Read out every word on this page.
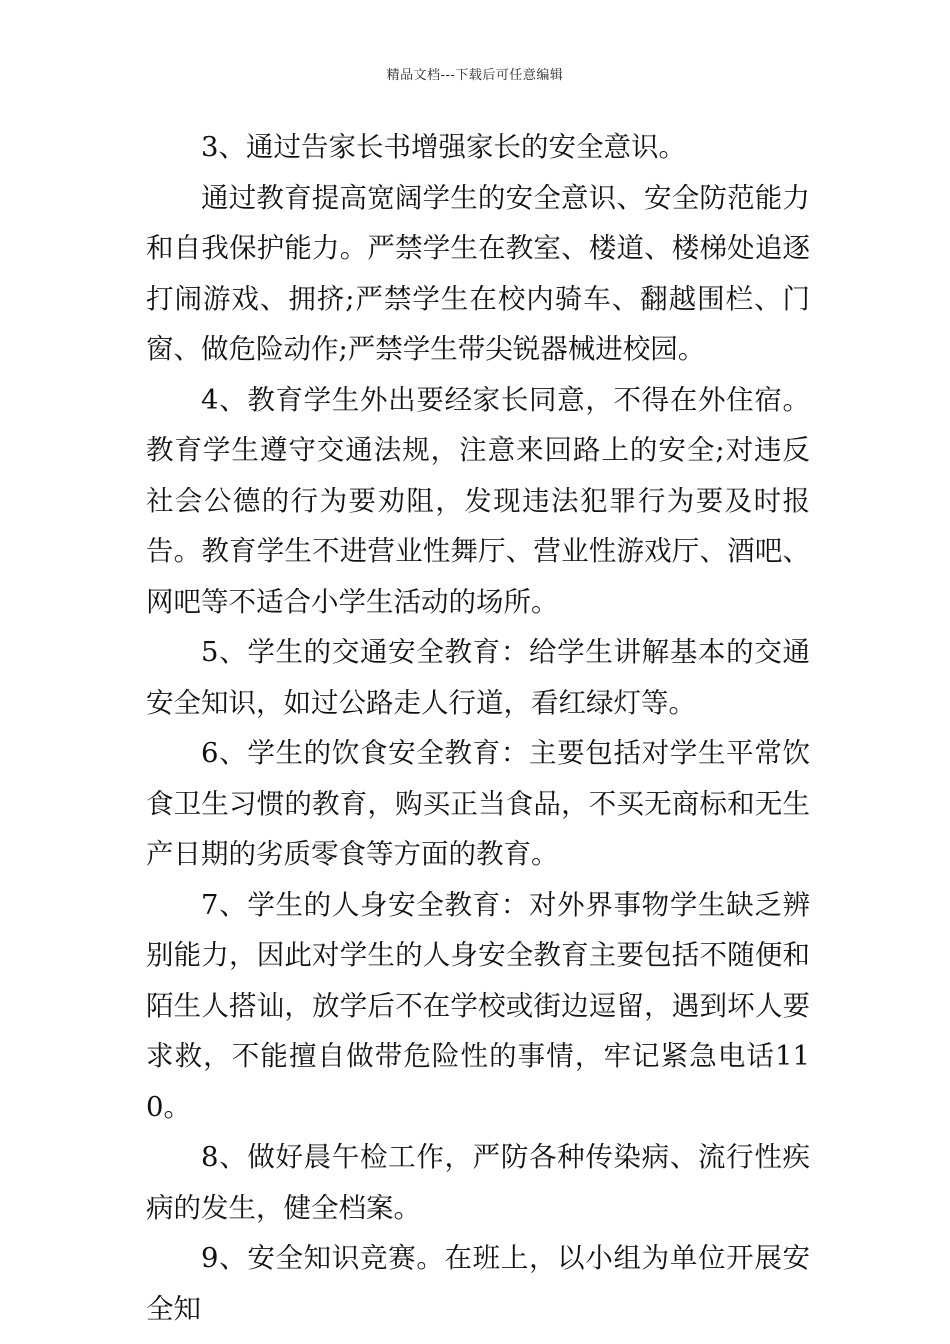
精品文档---下载后可任意编辑

3、通过告家长书增强家长的安全意识。

通过教育提高宽阔学生的安全意识、安全防范能力和自我保护能力。严禁学生在教室、楼道、楼梯处追逐打闹游戏、拥挤;严禁学生在校内骑车、翻越围栏、门窗、做危险动作;严禁学生带尖锐器械进校园。

4、教育学生外出要经家长同意，不得在外住宿。教育学生遵守交通法规，注意来回路上的安全;对违反社会公德的行为要劝阻，发现违法犯罪行为要及时报告。教育学生不进营业性舞厅、营业性游戏厅、酒吧、网吧等不适合小学生活动的场所。

5、学生的交通安全教育：给学生讲解基本的交通安全知识，如过公路走人行道，看红绿灯等。

6、学生的饮食安全教育：主要包括对学生平常饮食卫生习惯的教育，购买正当食品，不买无商标和无生产日期的劣质零食等方面的教育。

7、学生的人身安全教育：对外界事物学生缺乏辨别能力，因此对学生的人身安全教育主要包括不随便和陌生人搭讪，放学后不在学校或街边逗留，遇到坏人要求救，不能擅自做带危险性的事情，牢记紧急电话110。

8、做好晨午检工作，严防各种传染病、流行性疾病的发生，健全档案。

9、安全知识竞赛。在班上，以小组为单位开展安全知
